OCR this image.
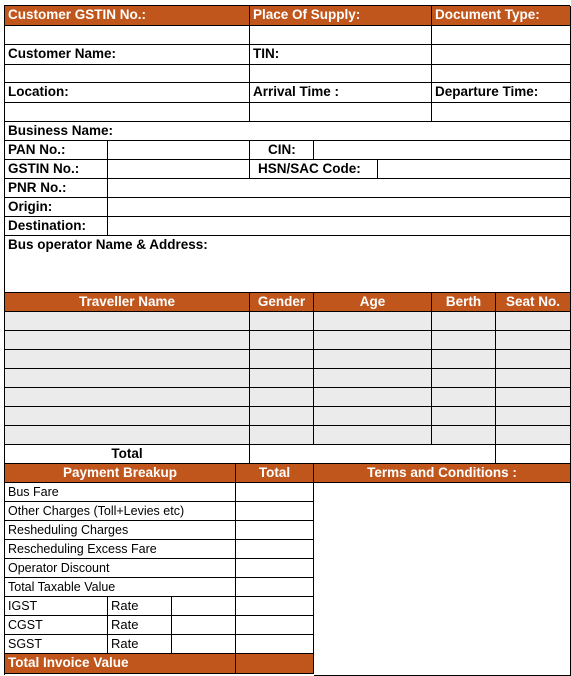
Customer GSTIN No.:	Place Of Supply:	Document Type:
Customer Name:	TIN:
Location:	Arrival Time :	Departure Time:
Business Name:
PAN No.:	CIN:
GSTIN No.:	HSN/SAC Code:
PNR No.:
Origin:
Destination:
Bus operator Name & Address:
Traveller Name	Gender	Age	Berth	Seat No.
Total
Payment Breakup	Total	Terms and Conditions :
Bus Fare
Other Charges (Toll+Levies etc)
Resheduling Charges
Rescheduling Excess Fare
Operator Discount
Total Taxable Value
IGST	Rate
CGST	Rate
SGST	Rate
Total Invoice Value
